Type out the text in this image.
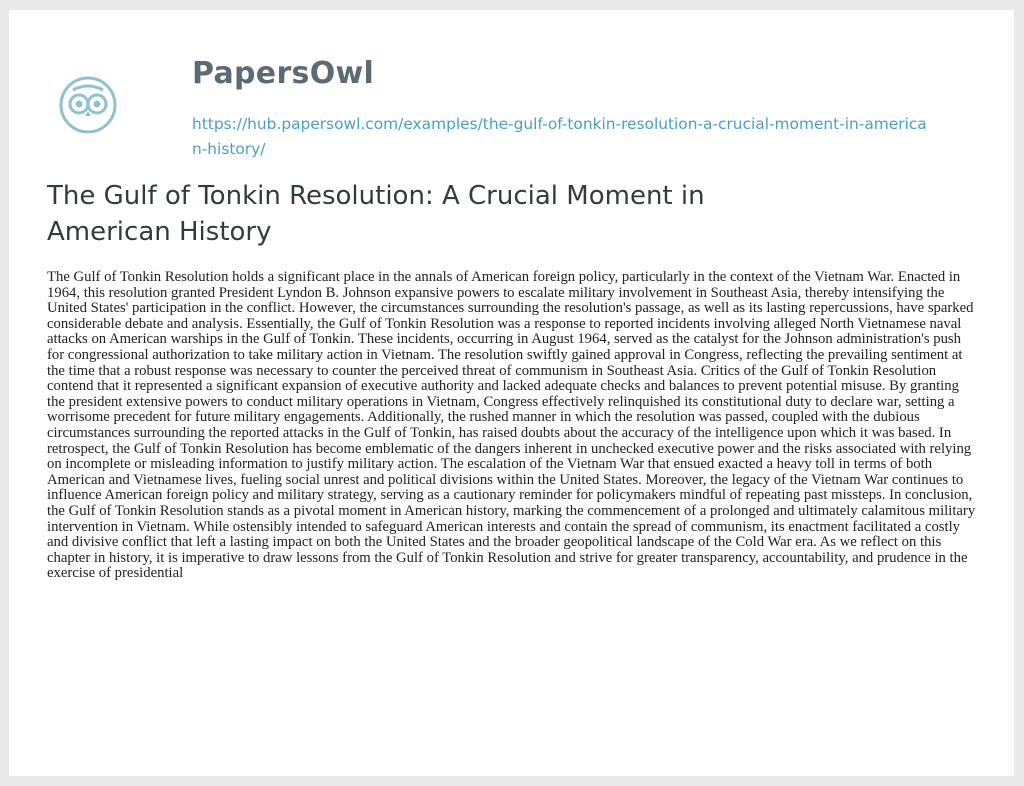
PapersOwl
https://hub.papersowl.com/examples/the-gulf-of-tonkin-resolution-a-crucial-moment-in-american-history/
The Gulf of Tonkin Resolution: A Crucial Moment in American History

The Gulf of Tonkin Resolution holds a significant place in the annals of American foreign policy, particularly in the context of the Vietnam War. Enacted in 1964, this resolution granted President Lyndon B. Johnson expansive powers to escalate military involvement in Southeast Asia, thereby intensifying the United States' participation in the conflict. However, the circumstances surrounding the resolution's passage, as well as its lasting repercussions, have sparked considerable debate and analysis. Essentially, the Gulf of Tonkin Resolution was a response to reported incidents involving alleged North Vietnamese naval attacks on American warships in the Gulf of Tonkin. These incidents, occurring in August 1964, served as the catalyst for the Johnson administration's push for congressional authorization to take military action in Vietnam. The resolution swiftly gained approval in Congress, reflecting the prevailing sentiment at the time that a robust response was necessary to counter the perceived threat of communism in Southeast Asia. Critics of the Gulf of Tonkin Resolution contend that it represented a significant expansion of executive authority and lacked adequate checks and balances to prevent potential misuse. By granting the president extensive powers to conduct military operations in Vietnam, Congress effectively relinquished its constitutional duty to declare war, setting a worrisome precedent for future military engagements. Additionally, the rushed manner in which the resolution was passed, coupled with the dubious circumstances surrounding the reported attacks in the Gulf of Tonkin, has raised doubts about the accuracy of the intelligence upon which it was based. In retrospect, the Gulf of Tonkin Resolution has become emblematic of the dangers inherent in unchecked executive power and the risks associated with relying on incomplete or misleading information to justify military action. The escalation of the Vietnam War that ensued exacted a heavy toll in terms of both American and Vietnamese lives, fueling social unrest and political divisions within the United States. Moreover, the legacy of the Vietnam War continues to influence American foreign policy and military strategy, serving as a cautionary reminder for policymakers mindful of repeating past missteps. In conclusion, the Gulf of Tonkin Resolution stands as a pivotal moment in American history, marking the commencement of a prolonged and ultimately calamitous military intervention in Vietnam. While ostensibly intended to safeguard American interests and contain the spread of communism, its enactment facilitated a costly and divisive conflict that left a lasting impact on both the United States and the broader geopolitical landscape of the Cold War era. As we reflect on this chapter in history, it is imperative to draw lessons from the Gulf of Tonkin Resolution and strive for greater transparency, accountability, and prudence in the exercise of presidential
